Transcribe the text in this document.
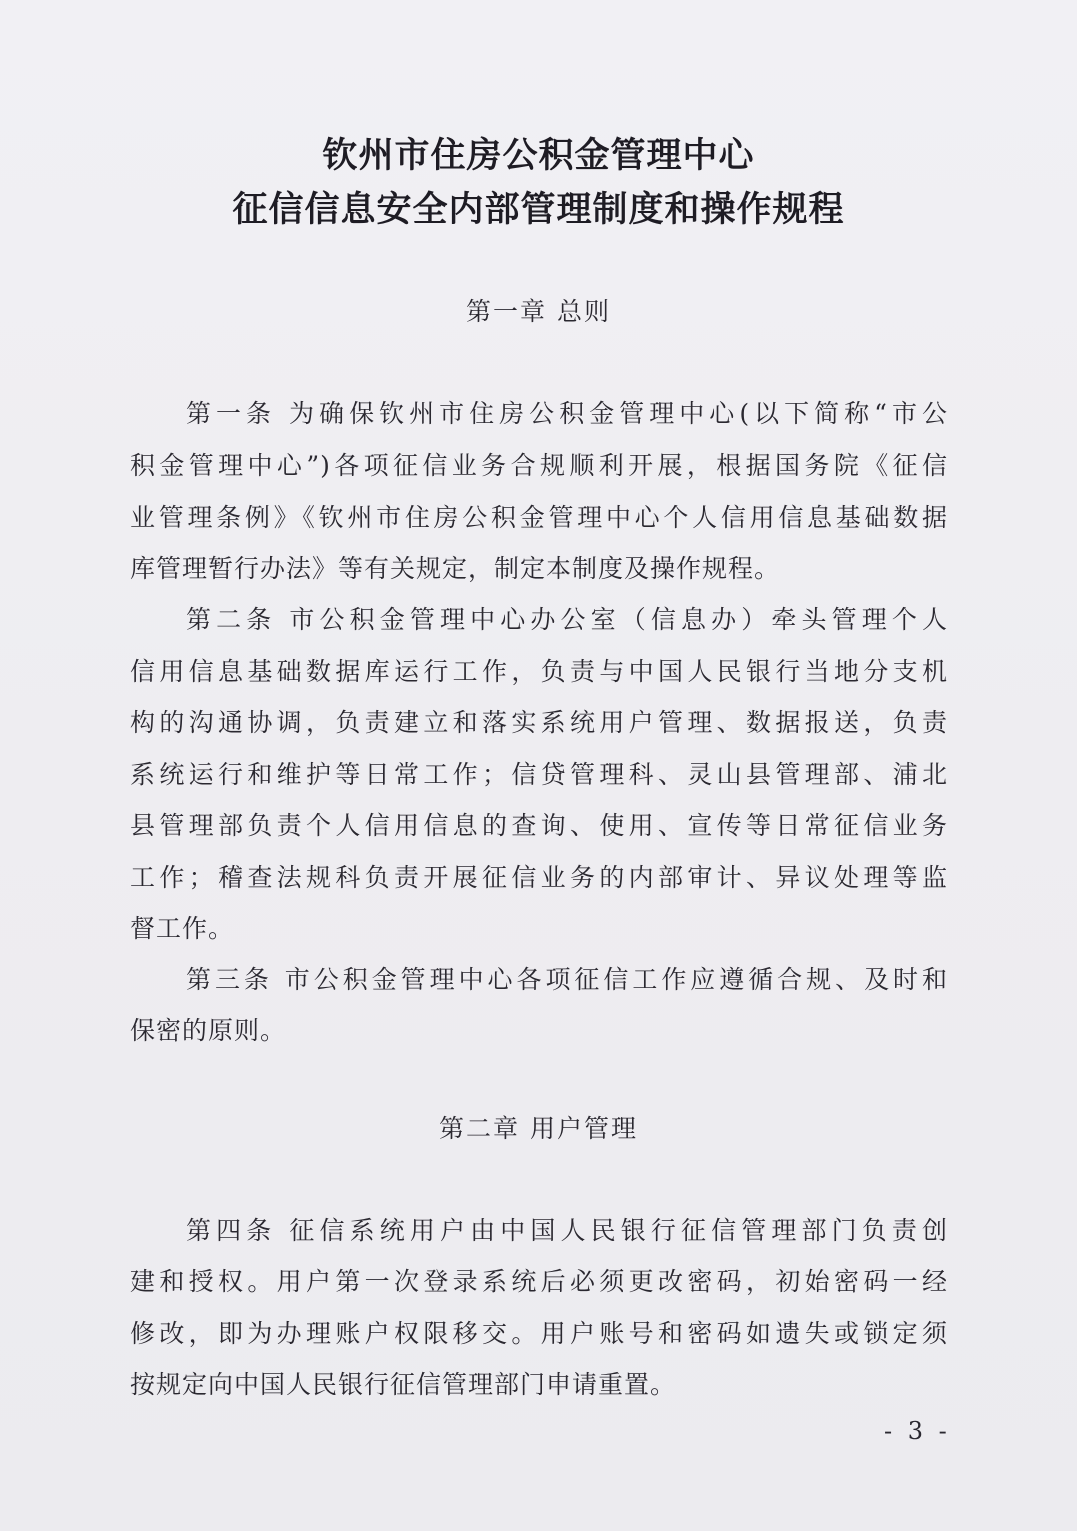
钦州市住房公积金管理中心
征信信息安全内部管理制度和操作规程
第一章 总则
第一条 为确保钦州市住房公积金管理中心(以下简称“市公
积金管理中心”)各项征信业务合规顺利开展，根据国务院《征信
业管理条例》《钦州市住房公积金管理中心个人信用信息基础数据
库管理暂行办法》等有关规定，制定本制度及操作规程。
第二条 市公积金管理中心办公室（信息办）牵头管理个人
信用信息基础数据库运行工作，负责与中国人民银行当地分支机
构的沟通协调，负责建立和落实系统用户管理、数据报送，负责
系统运行和维护等日常工作；信贷管理科、灵山县管理部、浦北
县管理部负责个人信用信息的查询、使用、宣传等日常征信业务
工作；稽查法规科负责开展征信业务的内部审计、异议处理等监
督工作。
第三条 市公积金管理中心各项征信工作应遵循合规、及时和
保密的原则。
第二章 用户管理
第四条 征信系统用户由中国人民银行征信管理部门负责创
建和授权。用户第一次登录系统后必须更改密码，初始密码一经
修改，即为办理账户权限移交。用户账号和密码如遗失或锁定须
按规定向中国人民银行征信管理部门申请重置。
- 3 -
